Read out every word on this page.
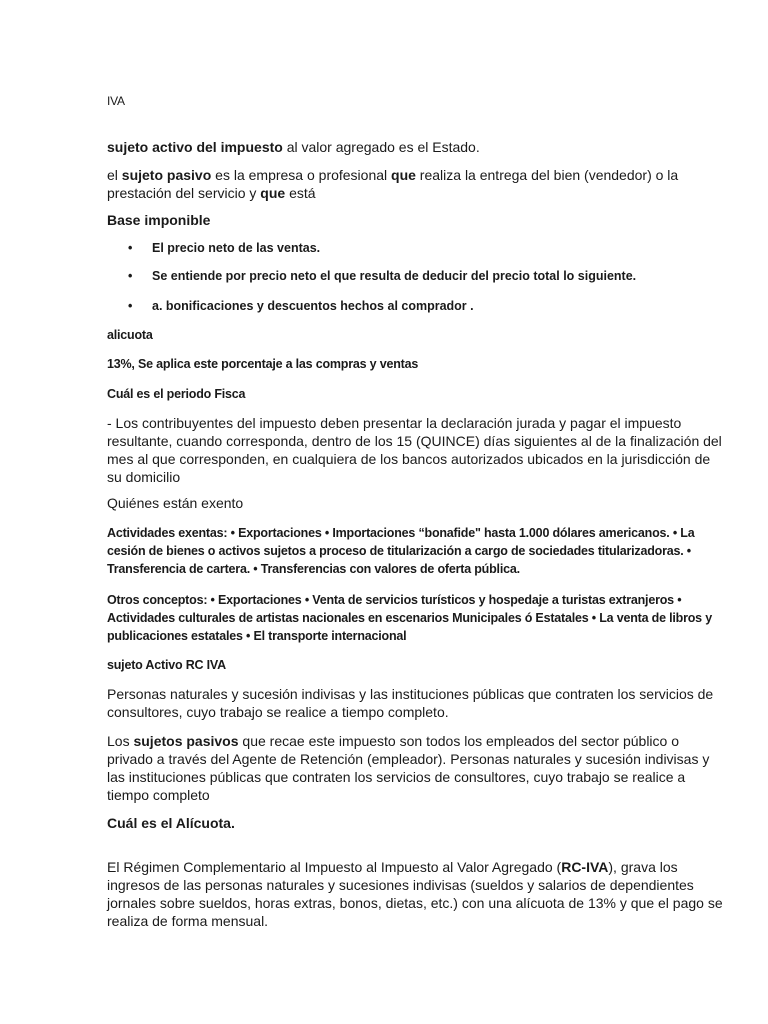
IVA
sujeto activo del impuesto al valor agregado es el Estado.
el sujeto pasivo es la empresa o profesional que realiza la entrega del bien (vendedor) o la prestación del servicio y que está
Base imponible
• El precio neto de las ventas.
• Se entiende por precio neto el que resulta de deducir del precio total lo siguiente.
• a. bonificaciones y descuentos hechos al comprador .
alicuota
13%, Se aplica este porcentaje a las compras y ventas
Cuál es el periodo Fisca
- Los contribuyentes del impuesto deben presentar la declaración jurada y pagar el impuesto resultante, cuando corresponda, dentro de los 15 (QUINCE) días siguientes al de la finalización del mes al que corresponden, en cualquiera de los bancos autorizados ubicados en la jurisdicción de su domicilio
Quiénes están exento
Actividades exentas: • Exportaciones • Importaciones “bonafide" hasta 1.000 dólares americanos. • La cesión de bienes o activos sujetos a proceso de titularización a cargo de sociedades titularizadoras. • Transferencia de cartera. • Transferencias con valores de oferta pública.
Otros conceptos: • Exportaciones • Venta de servicios turísticos y hospedaje a turistas extranjeros • Actividades culturales de artistas nacionales en escenarios Municipales ó Estatales • La venta de libros y publicaciones estatales • El transporte internacional
sujeto Activo RC IVA
Personas naturales y sucesión indivisas y las instituciones públicas que contraten los servicios de consultores, cuyo trabajo se realice a tiempo completo.
Los sujetos pasivos que recae este impuesto son todos los empleados del sector público o privado a través del Agente de Retención (empleador). Personas naturales y sucesión indivisas y las instituciones públicas que contraten los servicios de consultores, cuyo trabajo se realice a tiempo completo
Cuál es el Alícuota.
El Régimen Complementario al Impuesto al Impuesto al Valor Agregado (RC-IVA), grava los ingresos de las personas naturales y sucesiones indivisas (sueldos y salarios de dependientes jornales sobre sueldos, horas extras, bonos, dietas, etc.) con una alícuota de 13% y que el pago se realiza de forma mensual.
